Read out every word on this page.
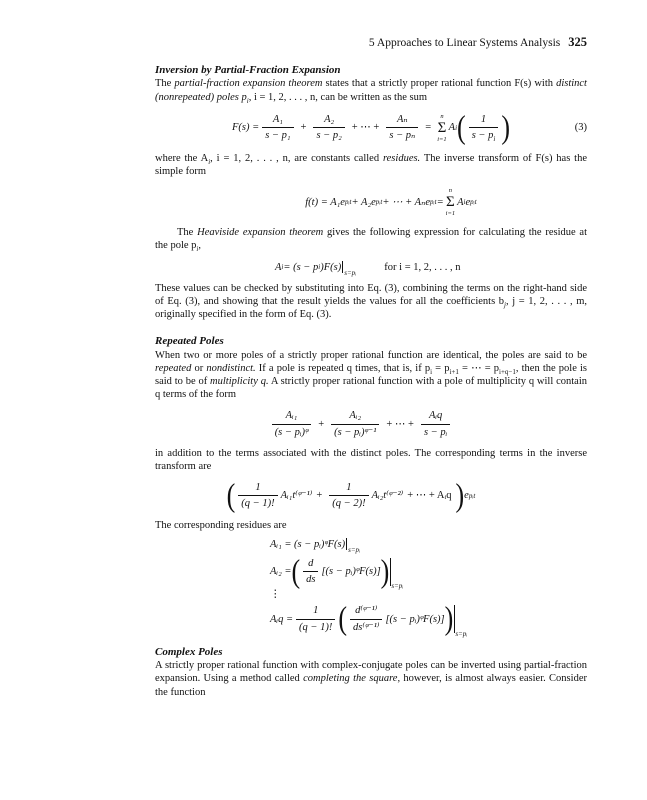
5 Approaches to Linear Systems Analysis 325
Inversion by Partial-Fraction Expansion

The partial-fraction expansion theorem states that a strictly proper rational function F(s) with distinct (nonrepeated) poles $p_i$, i = 1, 2, . . . , n, can be written as the sum

$F(s) = \frac{\text{A₁}}{\text{s − p₁}} + \frac{\text{A₂}}{\text{s − p₂}}$ + ⋯ + $\frac{\text{Aₙ}}{\text{s − pₙ}}$ =
n
Σ
i=1
A i ( $\frac{1}{s - p_i}$ )	(3)

where the $A_i$, i = 1, 2, . . . , n, are constants called residues. The inverse transform of F(s) has the simple form

f(t) = A₁e pᵢt + A₂e pᵢt + ⋯ + Aₙe pᵢt =
n
Σ
i=1
A i e pᵢt

The Heaviside expansion theorem gives the following expression for calculating the residue at the pole $p_i$,

A i = (s − p i )F(s)
s=pᵢ
for i = 1, 2, . . . , n

These values can be checked by substituting into Eq. (3), combining the terms on the right-hand side of Eq. (3), and showing that the result yields the values for all the coefficients $b_j$, j = 1, 2, . . . , m, originally specified in the form of Eq. (3).

Repeated Poles

When two or more poles of a strictly proper rational function are identical, the poles are said to be repeated or nondistinct. If a pole is repeated q times, that is, if $p_i = p_{i+1}$ = ⋯ = $p_{i+q-1}$, then the pole is said to be of multiplicity q. A strictly proper rational function with a pole of multiplicity q will contain q terms of the form

$\frac{\text{Aᵢ₁}}{\text{(s − pᵢ)ᵠ}} + \frac{\text{Aᵢ₂}}{\text{(s − pᵢ)ᵠ⁻¹}}$ + ⋯ + $\frac{\text{Aᵢq}}{\text{s − pᵢ}}$

in addition to the terms associated with the distinct poles. The corresponding terms in the inverse transform are

( $\frac{1}{(q - 1)!}$ Aᵢ₁t⁽ᵠ⁻¹⁾ + $\frac{1}{(q - 2)!}$ Aᵢ₂t⁽ᵠ⁻²⁾ + ⋯ + Aᵢq ) e pᵢt

The corresponding residues are

Aᵢ₁ = (s − pᵢ)ᵠF(s)
s=pᵢ
Aᵢ₂ = ( $\frac{d}{ds} [(s$ − pᵢ)ᵠF(s)] ) s=pᵢ
⋮
Aᵢq = $\frac{1}{(q - 1)!}$ ( $\frac{\text{d⁽ᵠ⁻¹⁾}}{\text{ds⁽ᵠ⁻¹⁾}} [(s$ − pᵢ)ᵠF(s)] ) s=pᵢ
Complex Poles

A strictly proper rational function with complex-conjugate poles can be inverted using partial-fraction expansion. Using a method called completing the square, however, is almost always easier. Consider the function
